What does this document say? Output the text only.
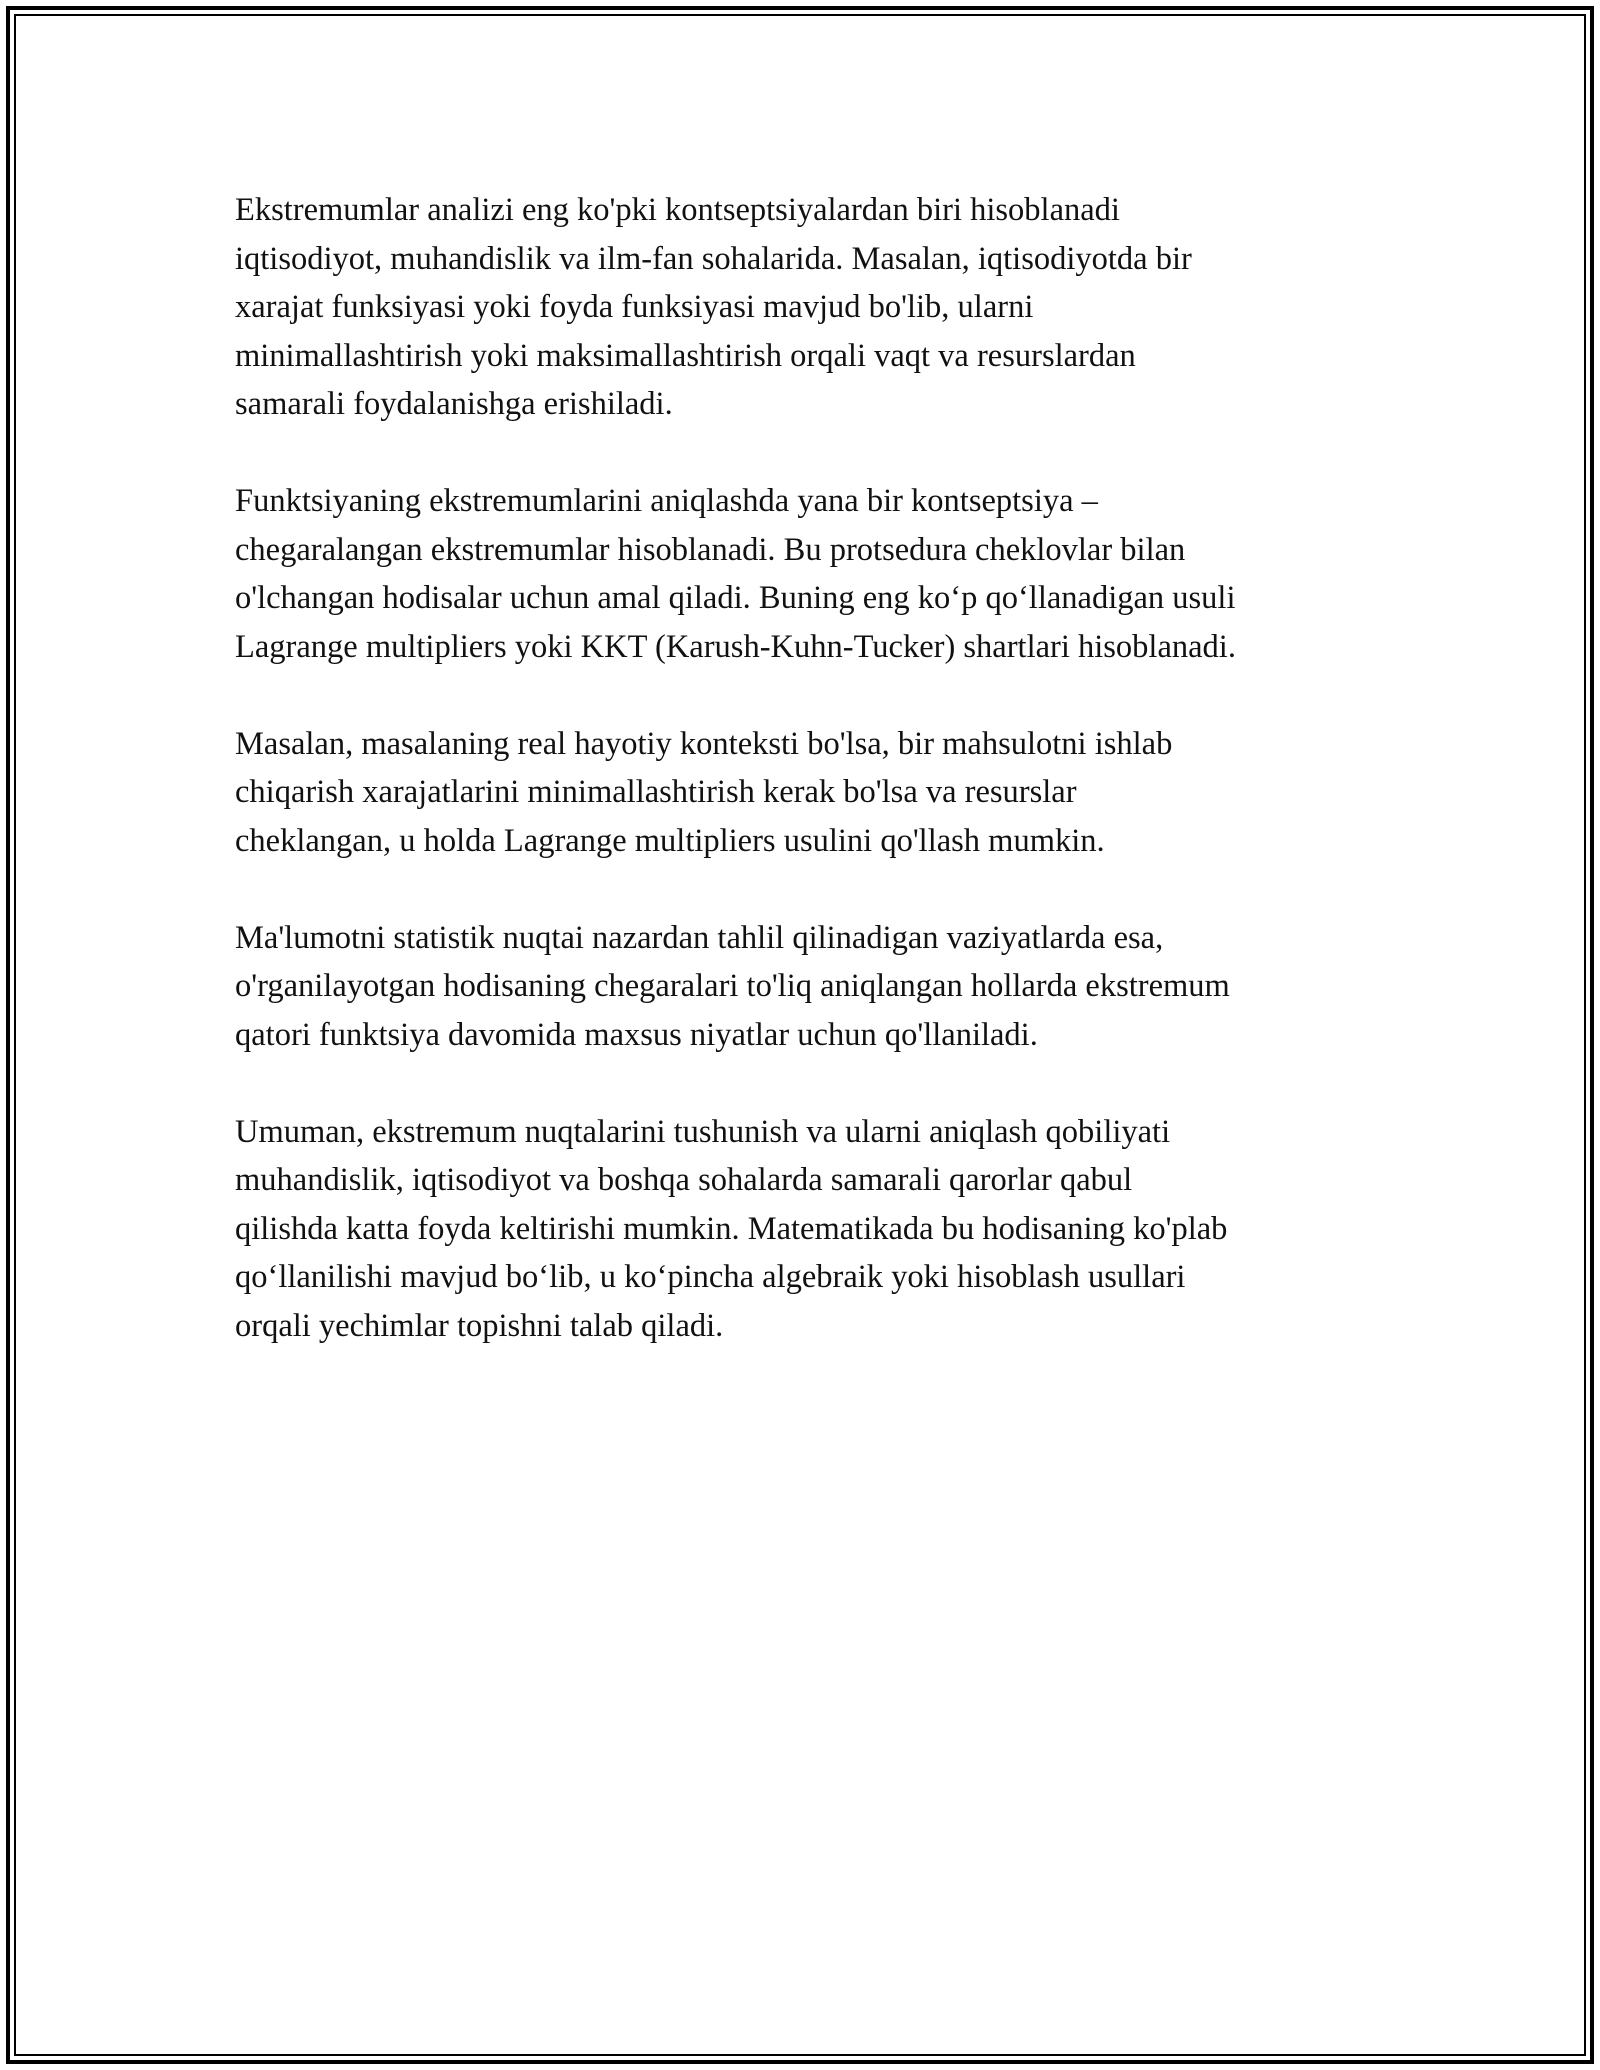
Ekstremumlar analizi eng ko'pki kontseptsiyalardan biri hisoblanadi
iqtisodiyot, muhandislik va ilm-fan sohalarida. Masalan, iqtisodiyotda bir
xarajat funksiyasi yoki foyda funksiyasi mavjud bo'lib, ularni
minimallashtirish yoki maksimallashtirish orqali vaqt va resurslardan
samarali foydalanishga erishiladi.

Funktsiyaning ekstremumlarini aniqlashda yana bir kontseptsiya –
chegaralangan ekstremumlar hisoblanadi. Bu protsedura cheklovlar bilan
o'lchangan hodisalar uchun amal qiladi. Buning eng koʻp qoʻllanadigan usuli
Lagrange multipliers yoki KKT (Karush-Kuhn-Tucker) shartlari hisoblanadi.

Masalan, masalaning real hayotiy konteksti bo'lsa, bir mahsulotni ishlab
chiqarish xarajatlarini minimallashtirish kerak bo'lsa va resurslar
cheklangan, u holda Lagrange multipliers usulini qo'llash mumkin.

Ma'lumotni statistik nuqtai nazardan tahlil qilinadigan vaziyatlarda esa,
o'rganilayotgan hodisaning chegaralari to'liq aniqlangan hollarda ekstremum
qatori funktsiya davomida maxsus niyatlar uchun qo'llaniladi.

Umuman, ekstremum nuqtalarini tushunish va ularni aniqlash qobiliyati
muhandislik, iqtisodiyot va boshqa sohalarda samarali qarorlar qabul
qilishda katta foyda keltirishi mumkin. Matematikada bu hodisaning ko'plab
qoʻllanilishi mavjud boʻlib, u koʻpincha algebraik yoki hisoblash usullari
orqali yechimlar topishni talab qiladi.
